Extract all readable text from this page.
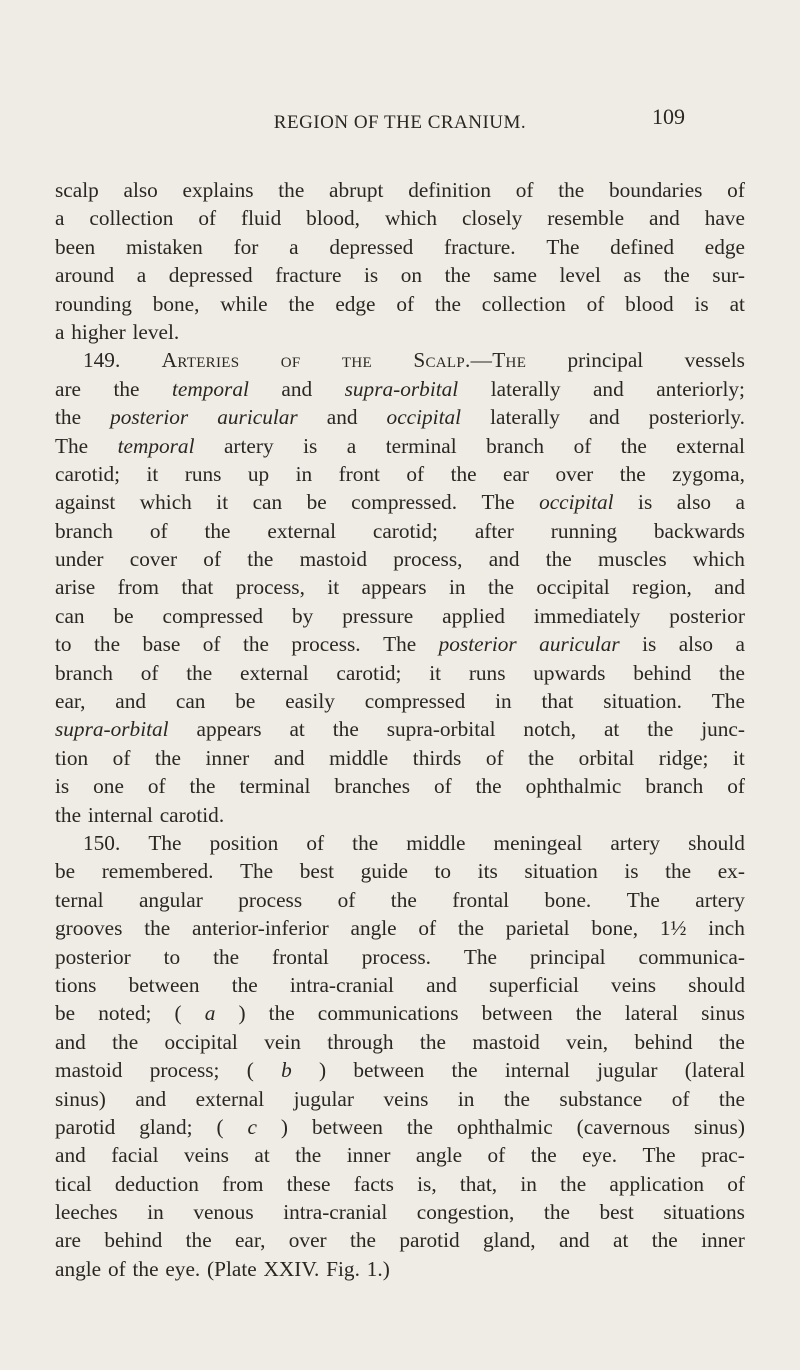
REGION OF THE CRANIUM.	109
scalp also explains the abrupt definition of the boundaries of
a collection of fluid blood, which closely resemble and have
been mistaken for a depressed fracture. The defined edge
around a depressed fracture is on the same level as the sur-
rounding bone, while the edge of the collection of blood is at
a higher level.
149. Arteries of the Scalp.—The principal vessels
are the temporal and supra-orbital laterally and anteriorly;
the posterior auricular and occipital laterally and posteriorly.
The temporal artery is a terminal branch of the external
carotid; it runs up in front of the ear over the zygoma,
against which it can be compressed. The occipital is also a
branch of the external carotid; after running backwards
under cover of the mastoid process, and the muscles which
arise from that process, it appears in the occipital region, and
can be compressed by pressure applied immediately posterior
to the base of the process. The posterior auricular is also a
branch of the external carotid; it runs upwards behind the
ear, and can be easily compressed in that situation. The
supra-orbital appears at the supra-orbital notch, at the junc-
tion of the inner and middle thirds of the orbital ridge; it
is one of the terminal branches of the ophthalmic branch of
the internal carotid.
150. The position of the middle meningeal artery should
be remembered. The best guide to its situation is the ex-
ternal angular process of the frontal bone. The artery
grooves the anterior-inferior angle of the parietal bone, 1½ inch
posterior to the frontal process. The principal communica-
tions between the intra-cranial and superficial veins should
be noted; ( a ) the communications between the lateral sinus
and the occipital vein through the mastoid vein, behind the
mastoid process; ( b ) between the internal jugular (lateral
sinus) and external jugular veins in the substance of the
parotid gland; ( c ) between the ophthalmic (cavernous sinus)
and facial veins at the inner angle of the eye. The prac-
tical deduction from these facts is, that, in the application of
leeches in venous intra-cranial congestion, the best situations
are behind the ear, over the parotid gland, and at the inner
angle of the eye. (Plate XXIV. Fig. 1.)
